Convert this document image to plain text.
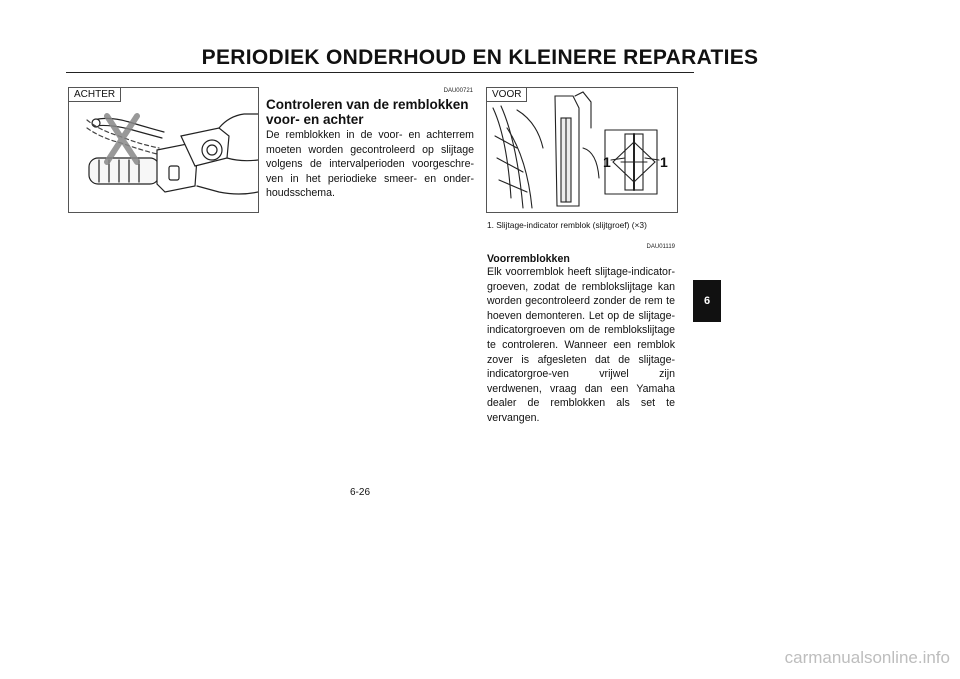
PERIODIEK ONDERHOUD EN KLEINERE REPARATIES
ACHTER	DAU00721
Controleren van de remblokken
voor- en achter
De remblokken in de voor- en achterrem moeten worden gecontroleerd op slijtage volgens de intervalperioden voorgeschre-ven in het periodieke smeer- en onder-houdsschema.
VOOR
1	1
1. Slijtage-indicator remblok (slijtgroef) (×3)
DAU01119
Voorremblokken
Elk voorremblok heeft slijtage-indicator-groeven, zodat de remblokslijtage kan worden gecontroleerd zonder de rem te hoeven demonteren. Let op de slijtage-indicatorgroeven om de remblokslijtage te controleren. Wanneer een remblok zover is afgesleten dat de slijtage-indicatorgroe-ven vrijwel zijn verdwenen, vraag dan een Yamaha dealer de remblokken als set te vervangen.
6-26
6
carmanualsonline.info
